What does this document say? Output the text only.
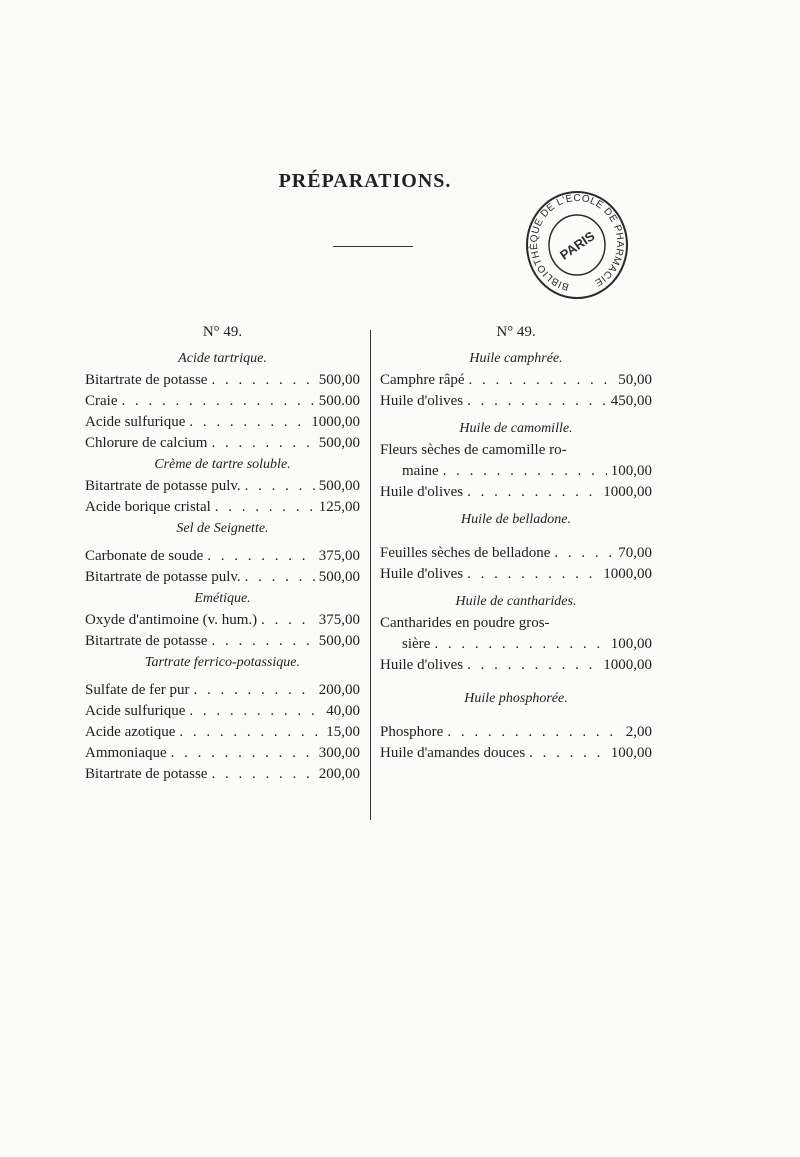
PRÉPARATIONS.
BIBLIOTHÈQUE DE L'ÉCOLE DE PHARMACIE
PARIS
N° 49.
Acide tartrique.
Bitartrate de potasse . . .	500,00
Craie . . .	500.00
Acide sulfurique . . .	1000,00
Chlorure de calcium . . .	500,00
Crème de tartre soluble.
Bitartrate de potasse pulv. . . .	500,00
Acide borique cristal . . .	125,00
Sel de Seignette.
Carbonate de soude . . .	375,00
Bitartrate de potasse pulv. . . .	500,00
Emétique.
Oxyde d'antimoine (v. hum.) . . .	375,00
Bitartrate de potasse . . .	500,00
Tartrate ferrico-potassique.
Sulfate de fer pur . . .	200,00
Acide sulfurique . . .	40,00
Acide azotique . . .	15,00
Ammoniaque . . .	300,00
Bitartrate de potasse . . .	200,00
N° 49.
Huile camphrée.
Camphre râpé . . .	50,00
Huile d'olives . . .	450,00
Huile de camomille.
Fleurs sèches de camomille ro-
maine . . .	100,00
Huile d'olives . . .	1000,00
Huile de belladone.
Feuilles sèches de belladone . . .	70,00
Huile d'olives . . .	1000,00
Huile de cantharides.
Cantharides en poudre gros-
sière . . .	100,00
Huile d'olives . . .	1000,00
Huile phosphorée.
Phosphore . . .	2,00
Huile d'amandes douces . . .	100,00
